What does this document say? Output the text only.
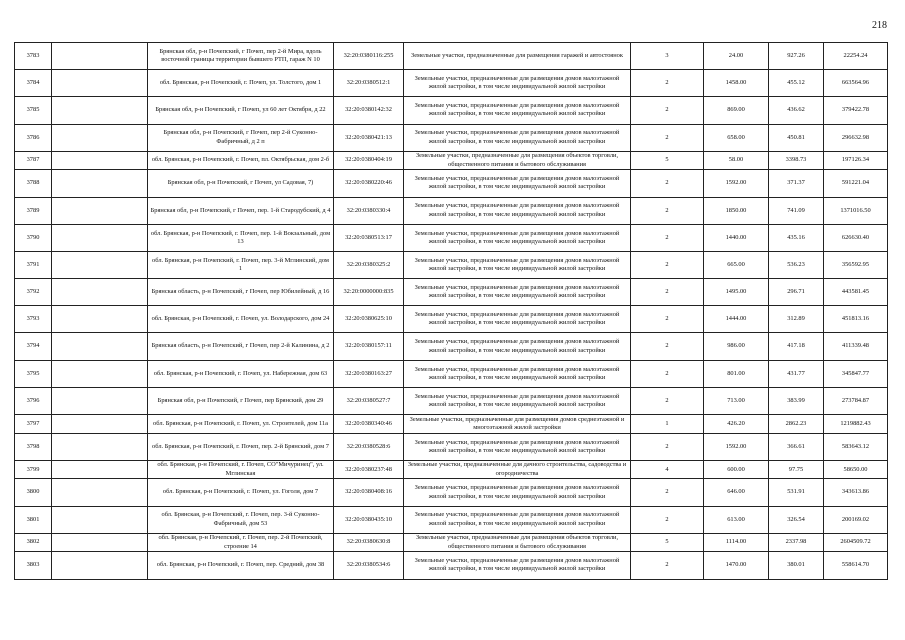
218
3783		Брянская обл, р-н Почепский, г Почеп, пер 2-й Мира, вдоль восточной границы территории бывшего РТП, гараж N 10	32:20:0380116:255	Земельные участки, предназначенные для размещения гаражей и автостоянок	3	24.00	927.26	22254.24
3784		обл. Брянская, р-н Почепский, г. Почеп, ул. Толстого, дом 1	32:20:0380512:1	Земельные участки, предназначенные для размещения домов малоэтажной жилой застройки, в том числе индивидуальной жилой застройки	2	1458.00	455.12	663564.96
3785		Брянская обл, р-н Почепский, г Почеп, ул 60 лет Октября, д 22	32:20:0380142:32	Земельные участки, предназначенные для размещения домов малоэтажной жилой застройки, в том числе индивидуальной жилой застройки	2	869.00	436.62	379422.78
3786		Брянская обл, р-н Почепский, г Почеп, пер 2-й Суконно-Фабричный, д 2 п	32:20:0380421:13	Земельные участки, предназначенные для размещения домов малоэтажной жилой застройки, в том числе индивидуальной жилой застройки	2	658.00	450.81	296632.98
3787		обл. Брянская, р-н Почепский, г. Почеп, пл. Октябрьская, дом 2-б	32:20:0380404:19	Земельные участки, предназначенные для размещения объектов торговли, общественного питания и бытового обслуживания	5	58.00	3398.73	197126.34
3788		Брянская обл, р-н Почепский, г Почеп, ул Садовая, 7)	32:20:0380220:46	Земельные участки, предназначенные для размещения домов малоэтажной жилой застройки, в том числе индивидуальной жилой застройки	2	1592.00	371.37	591221.04
3789		Брянская обл, р-н Почепский, г Почеп, пер. 1-й Стародубский, д 4	32:20:0380330:4	Земельные участки, предназначенные для размещения домов малоэтажной жилой застройки, в том числе индивидуальной жилой застройки	2	1850.00	741.09	1371016.50
3790		обл. Брянская, р-н Почепский, г. Почеп, пер. 1-й Вокзальный, дом 13	32:20:0380513:17	Земельные участки, предназначенные для размещения домов малоэтажной жилой застройки, в том числе индивидуальной жилой застройки	2	1440.00	435.16	626630.40
3791		обл. Брянская, р-н Почепский, г. Почеп, пер. 3-й Мглинский, дом 1	32:20:0380325:2	Земельные участки, предназначенные для размещения домов малоэтажной жилой застройки, в том числе индивидуальной жилой застройки	2	665.00	536.23	356592.95
3792		Брянская область, р-н Почепский, г Почеп, пер Юбилейный, д 16	32:20:0000000:835	Земельные участки, предназначенные для размещения домов малоэтажной жилой застройки, в том числе индивидуальной жилой застройки	2	1495.00	296.71	443581.45
3793		обл. Брянская, р-н Почепский, г. Почеп, ул. Володарского, дом 24	32:20:0380625:10	Земельные участки, предназначенные для размещения домов малоэтажной жилой застройки, в том числе индивидуальной жилой застройки	2	1444.00	312.89	451813.16
3794		Брянская область, р-н Почепский, г Почеп, пер 2-й Калинина, д 2	32:20:0380157:11	Земельные участки, предназначенные для размещения домов малоэтажной жилой застройки, в том числе индивидуальной жилой застройки	2	986.00	417.18	411339.48
3795		обл. Брянская, р-н Почепский, г. Почеп, ул. Набережная, дом 63	32:20:0380163:27	Земельные участки, предназначенные для размещения домов малоэтажной жилой застройки, в том числе индивидуальной жилой застройки	2	801.00	431.77	345847.77
3796		Брянская обл, р-н Почепский, г Почеп, пер Брянский, дом 29	32:20:0380527:7	Земельные участки, предназначенные для размещения домов малоэтажной жилой застройки, в том числе индивидуальной жилой застройки	2	713.00	383.99	273784.87
3797		обл. Брянская, р-н Почепский, г. Почеп, ул. Строителей, дом 11а	32:20:0380340:46	Земельные участки, предназначенные для размещения домов среднеэтажной и многоэтажной жилой застройки	1	426.20	2862.23	1219882.43
3798		обл. Брянская, р-н Почепский, г. Почеп, пер. 2-й Брянский, дом 7	32:20:0380528:6	Земельные участки, предназначенные для размещения домов малоэтажной жилой застройки, в том числе индивидуальной жилой застройки	2	1592.00	366.61	583643.12
3799		обл. Брянская, р-н Почепский, г. Почеп, СО"Мичуринец", ул. Мглинская	32:20:0380237:48	Земельные участки, предназначенные для дачного строительства, садоводства и огородничества	4	600.00	97.75	58650.00
3800		обл. Брянская, р-н Почепский, г. Почеп, ул. Гоголя, дом 7	32:20:0380408:16	Земельные участки, предназначенные для размещения домов малоэтажной жилой застройки, в том числе индивидуальной жилой застройки	2	646.00	531.91	343613.86
3801		обл. Брянская, р-н Почепский, г. Почеп, пер. 3-й Суконно-Фабричный, дом 53	32:20:0380435:10	Земельные участки, предназначенные для размещения домов малоэтажной жилой застройки, в том числе индивидуальной жилой застройки	2	613.00	326.54	200169.02
3802		обл. Брянская, р-н Почепский, г. Почеп, пер. 2-й Почепский, строение 14	32:20:0380630:8	Земельные участки, предназначенные для размещения объектов торговли, общественного питания и бытового обслуживания	5	1114.00	2337.98	2604509.72
3803		обл. Брянская, р-н Почепский, г. Почеп, пер. Средний, дом 38	32:20:0380534:6	Земельные участки, предназначенные для размещения домов малоэтажной жилой застройки, в том числе индивидуальной жилой застройки	2	1470.00	380.01	558614.70
